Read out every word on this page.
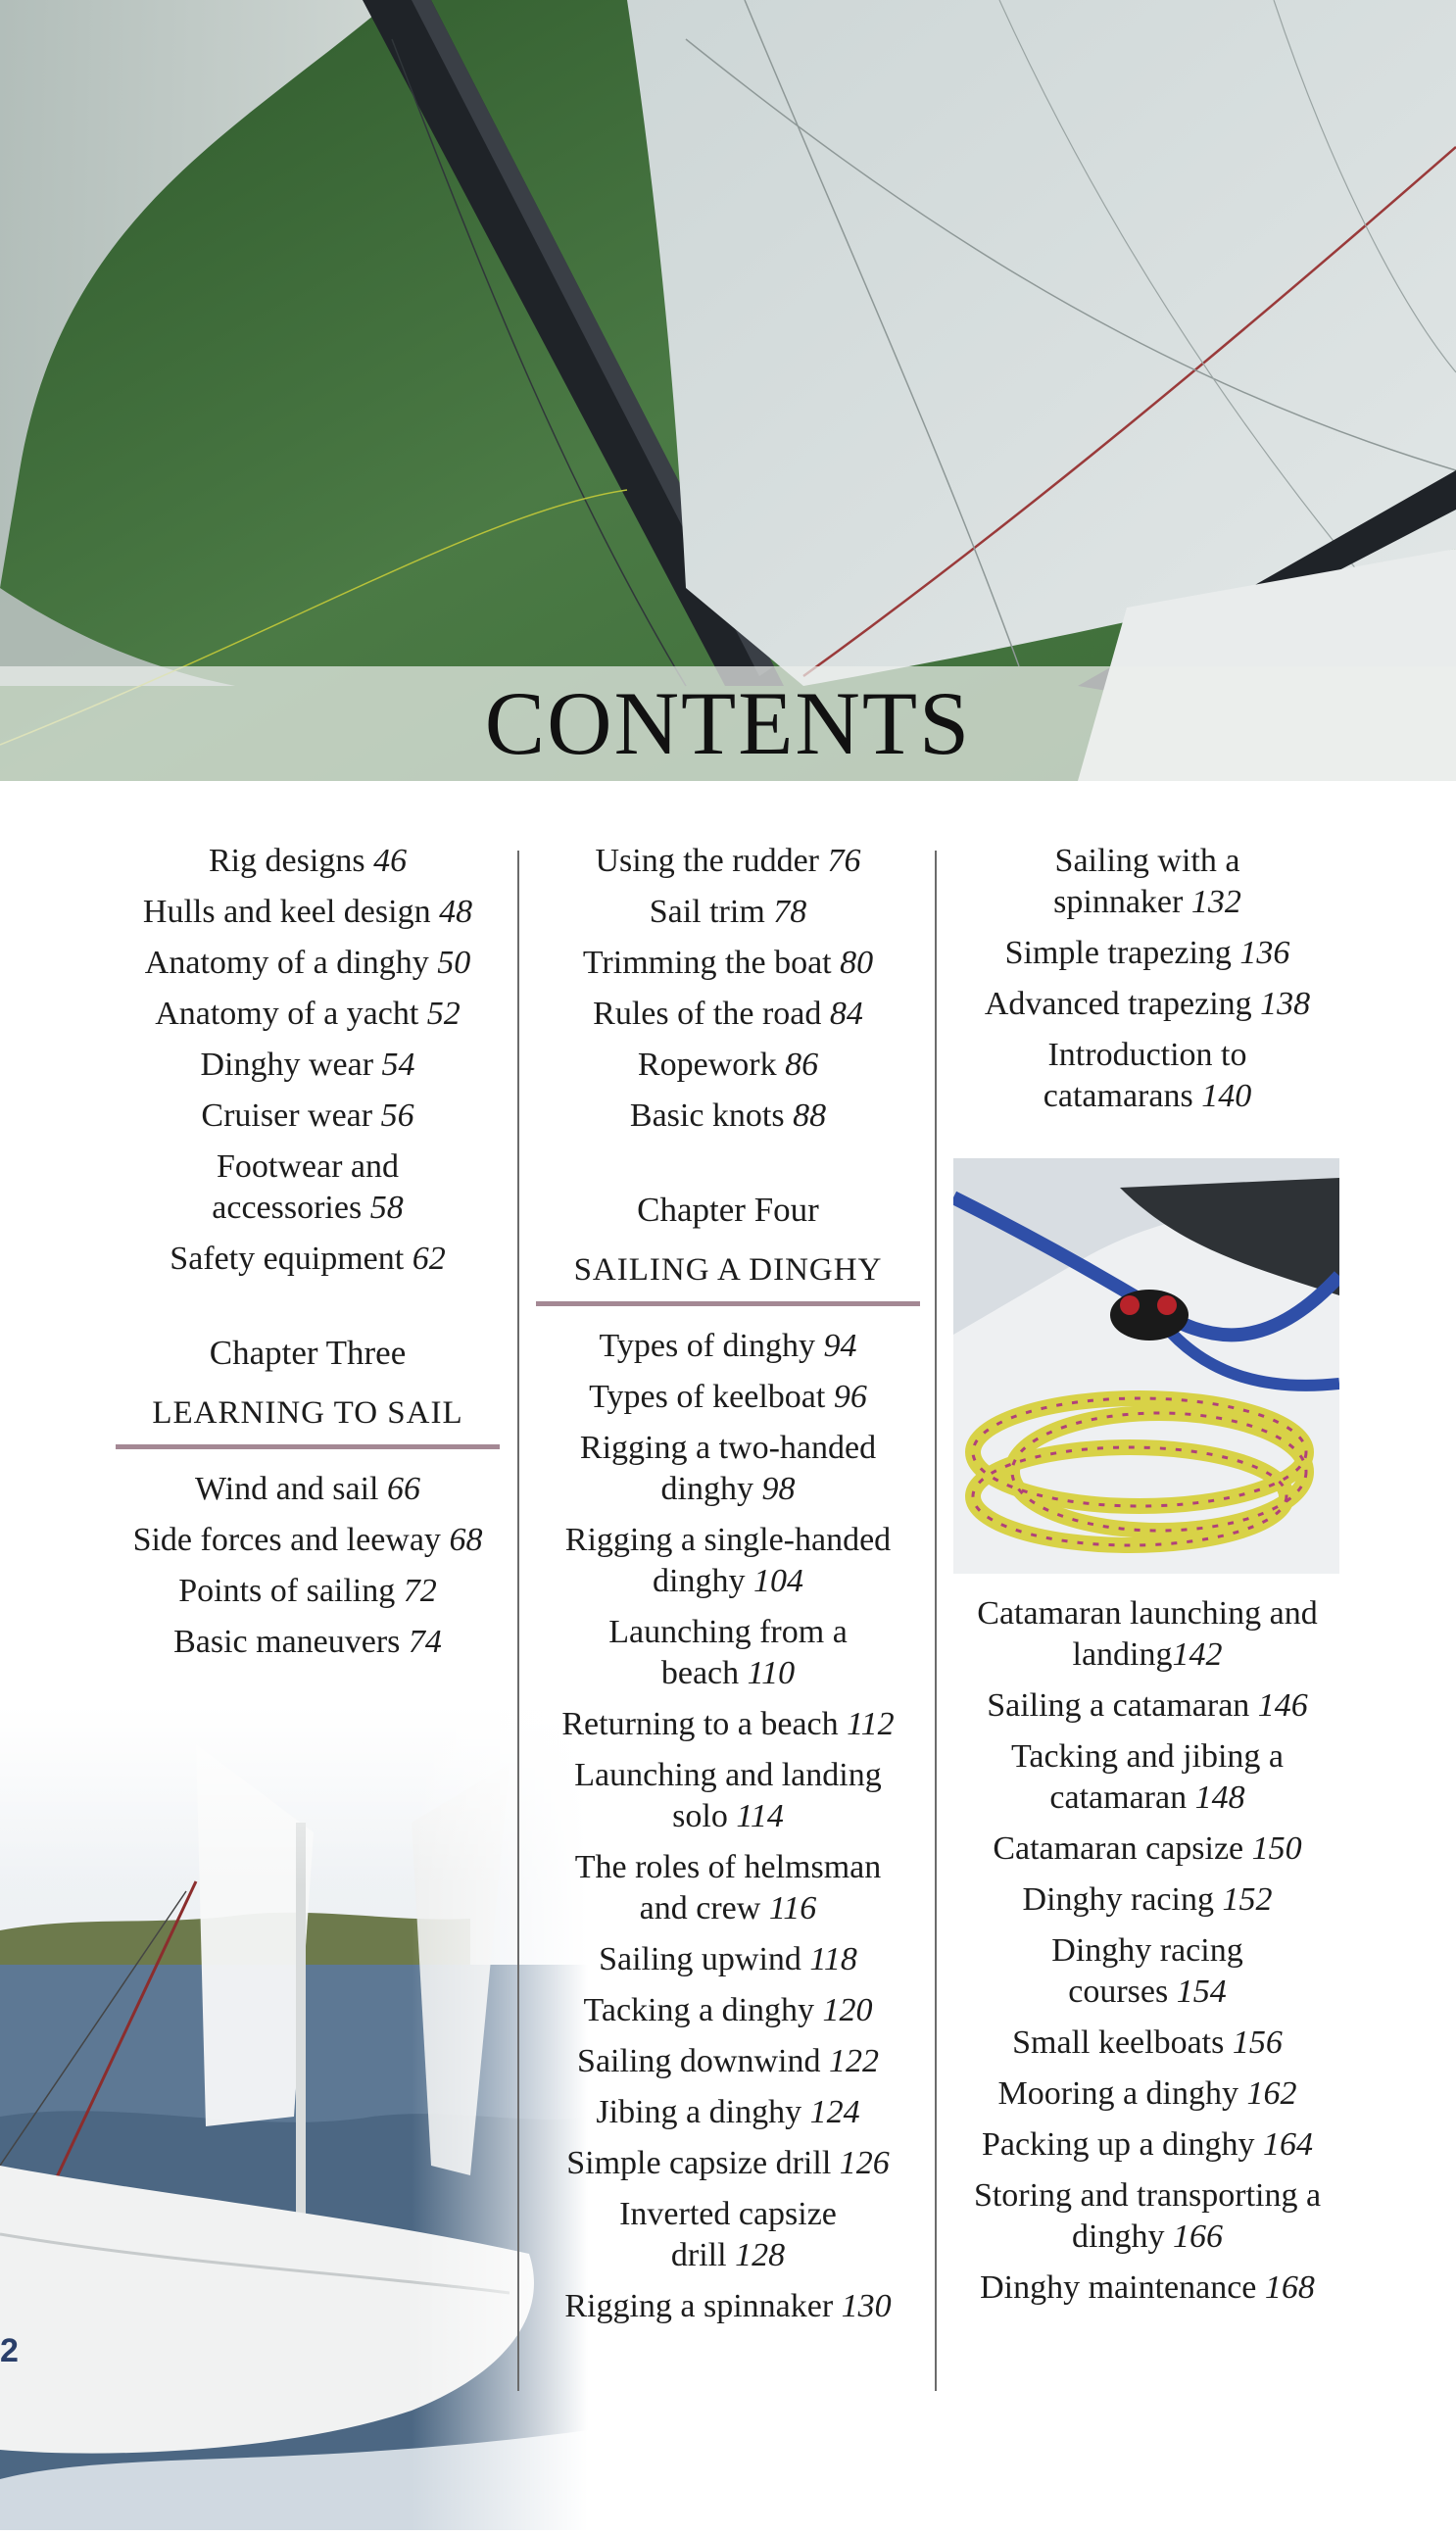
CONTENTS
2
Rig designs 46
Hulls and keel design 48
Anatomy of a dinghy 50
Anatomy of a yacht 52
Dinghy wear 54
Cruiser wear 56
Footwear and accessories 58
Safety equipment 62
Chapter Three
LEARNING TO SAIL
Wind and sail 66
Side forces and leeway 68
Points of sailing 72
Basic maneuvers 74
Using the rudder 76
Sail trim 78
Trimming the boat 80
Rules of the road 84
Ropework 86
Basic knots 88
Chapter Four
SAILING A DINGHY
Types of dinghy 94
Types of keelboat 96
Rigging a two-handed dinghy 98
Rigging a single-handed dinghy 104
Launching from a beach 110
Returning to a beach 112
Launching and landing solo 114
The roles of helmsman and crew 116
Sailing upwind 118
Tacking a dinghy 120
Sailing downwind 122
Jibing a dinghy 124
Simple capsize drill 126
Inverted capsize drill 128
Rigging a spinnaker 130
Sailing with a spinnaker 132
Simple trapezing 136
Advanced trapezing 138
Introduction to catamarans 140
Catamaran launching and landing142
Sailing a catamaran 146
Tacking and jibing a catamaran 148
Catamaran capsize 150
Dinghy racing 152
Dinghy racing courses 154
Small keelboats 156
Mooring a dinghy 162
Packing up a dinghy 164
Storing and transporting a dinghy 166
Dinghy maintenance 168
